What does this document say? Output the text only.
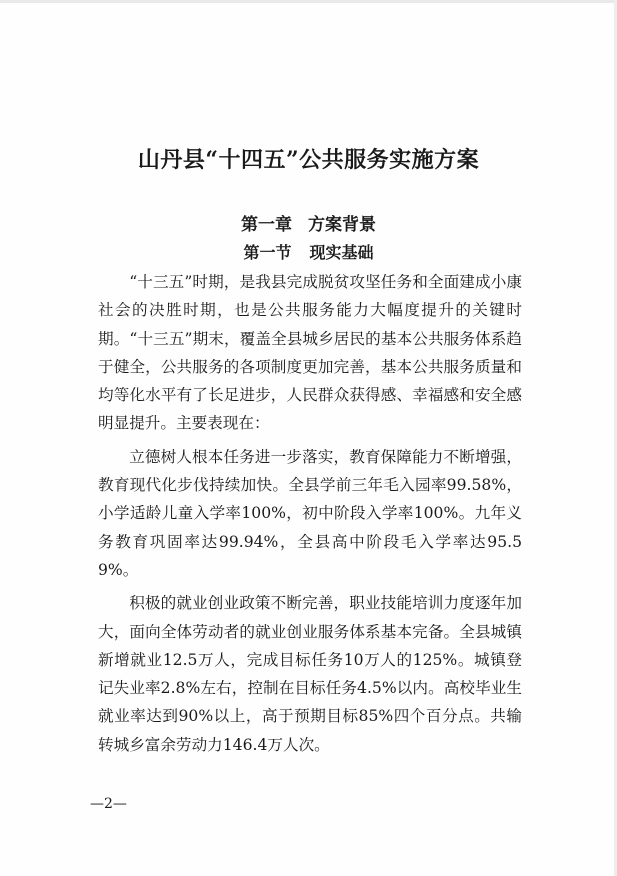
山丹县“十四五”公共服务实施方案
第一章 方案背景
第一节 现实基础

“十三五”时期，是我县完成脱贫攻坚任务和全面建成小康社会的决胜时期，也是公共服务能力大幅度提升的关键时期。“十三五”期末，覆盖全县城乡居民的基本公共服务体系趋于健全，公共服务的各项制度更加完善，基本公共服务质量和均等化水平有了长足进步，人民群众获得感、幸福感和安全感明显提升。主要表现在：

立德树人根本任务进一步落实，教育保障能力不断增强，教育现代化步伐持续加快。全县学前三年毛入园率99.58%，小学适龄儿童入学率100%，初中阶段入学率100%。九年义务教育巩固率达99.94%，全县高中阶段毛入学率达95.59%。

积极的就业创业政策不断完善，职业技能培训力度逐年加大，面向全体劳动者的就业创业服务体系基本完备。全县城镇新增就业12.5万人，完成目标任务10万人的125%。城镇登记失业率2.8%左右，控制在目标任务4.5%以内。高校毕业生就业率达到90%以上，高于预期目标85%四个百分点。共输转城乡富余劳动力146.4万人次。

—2—
